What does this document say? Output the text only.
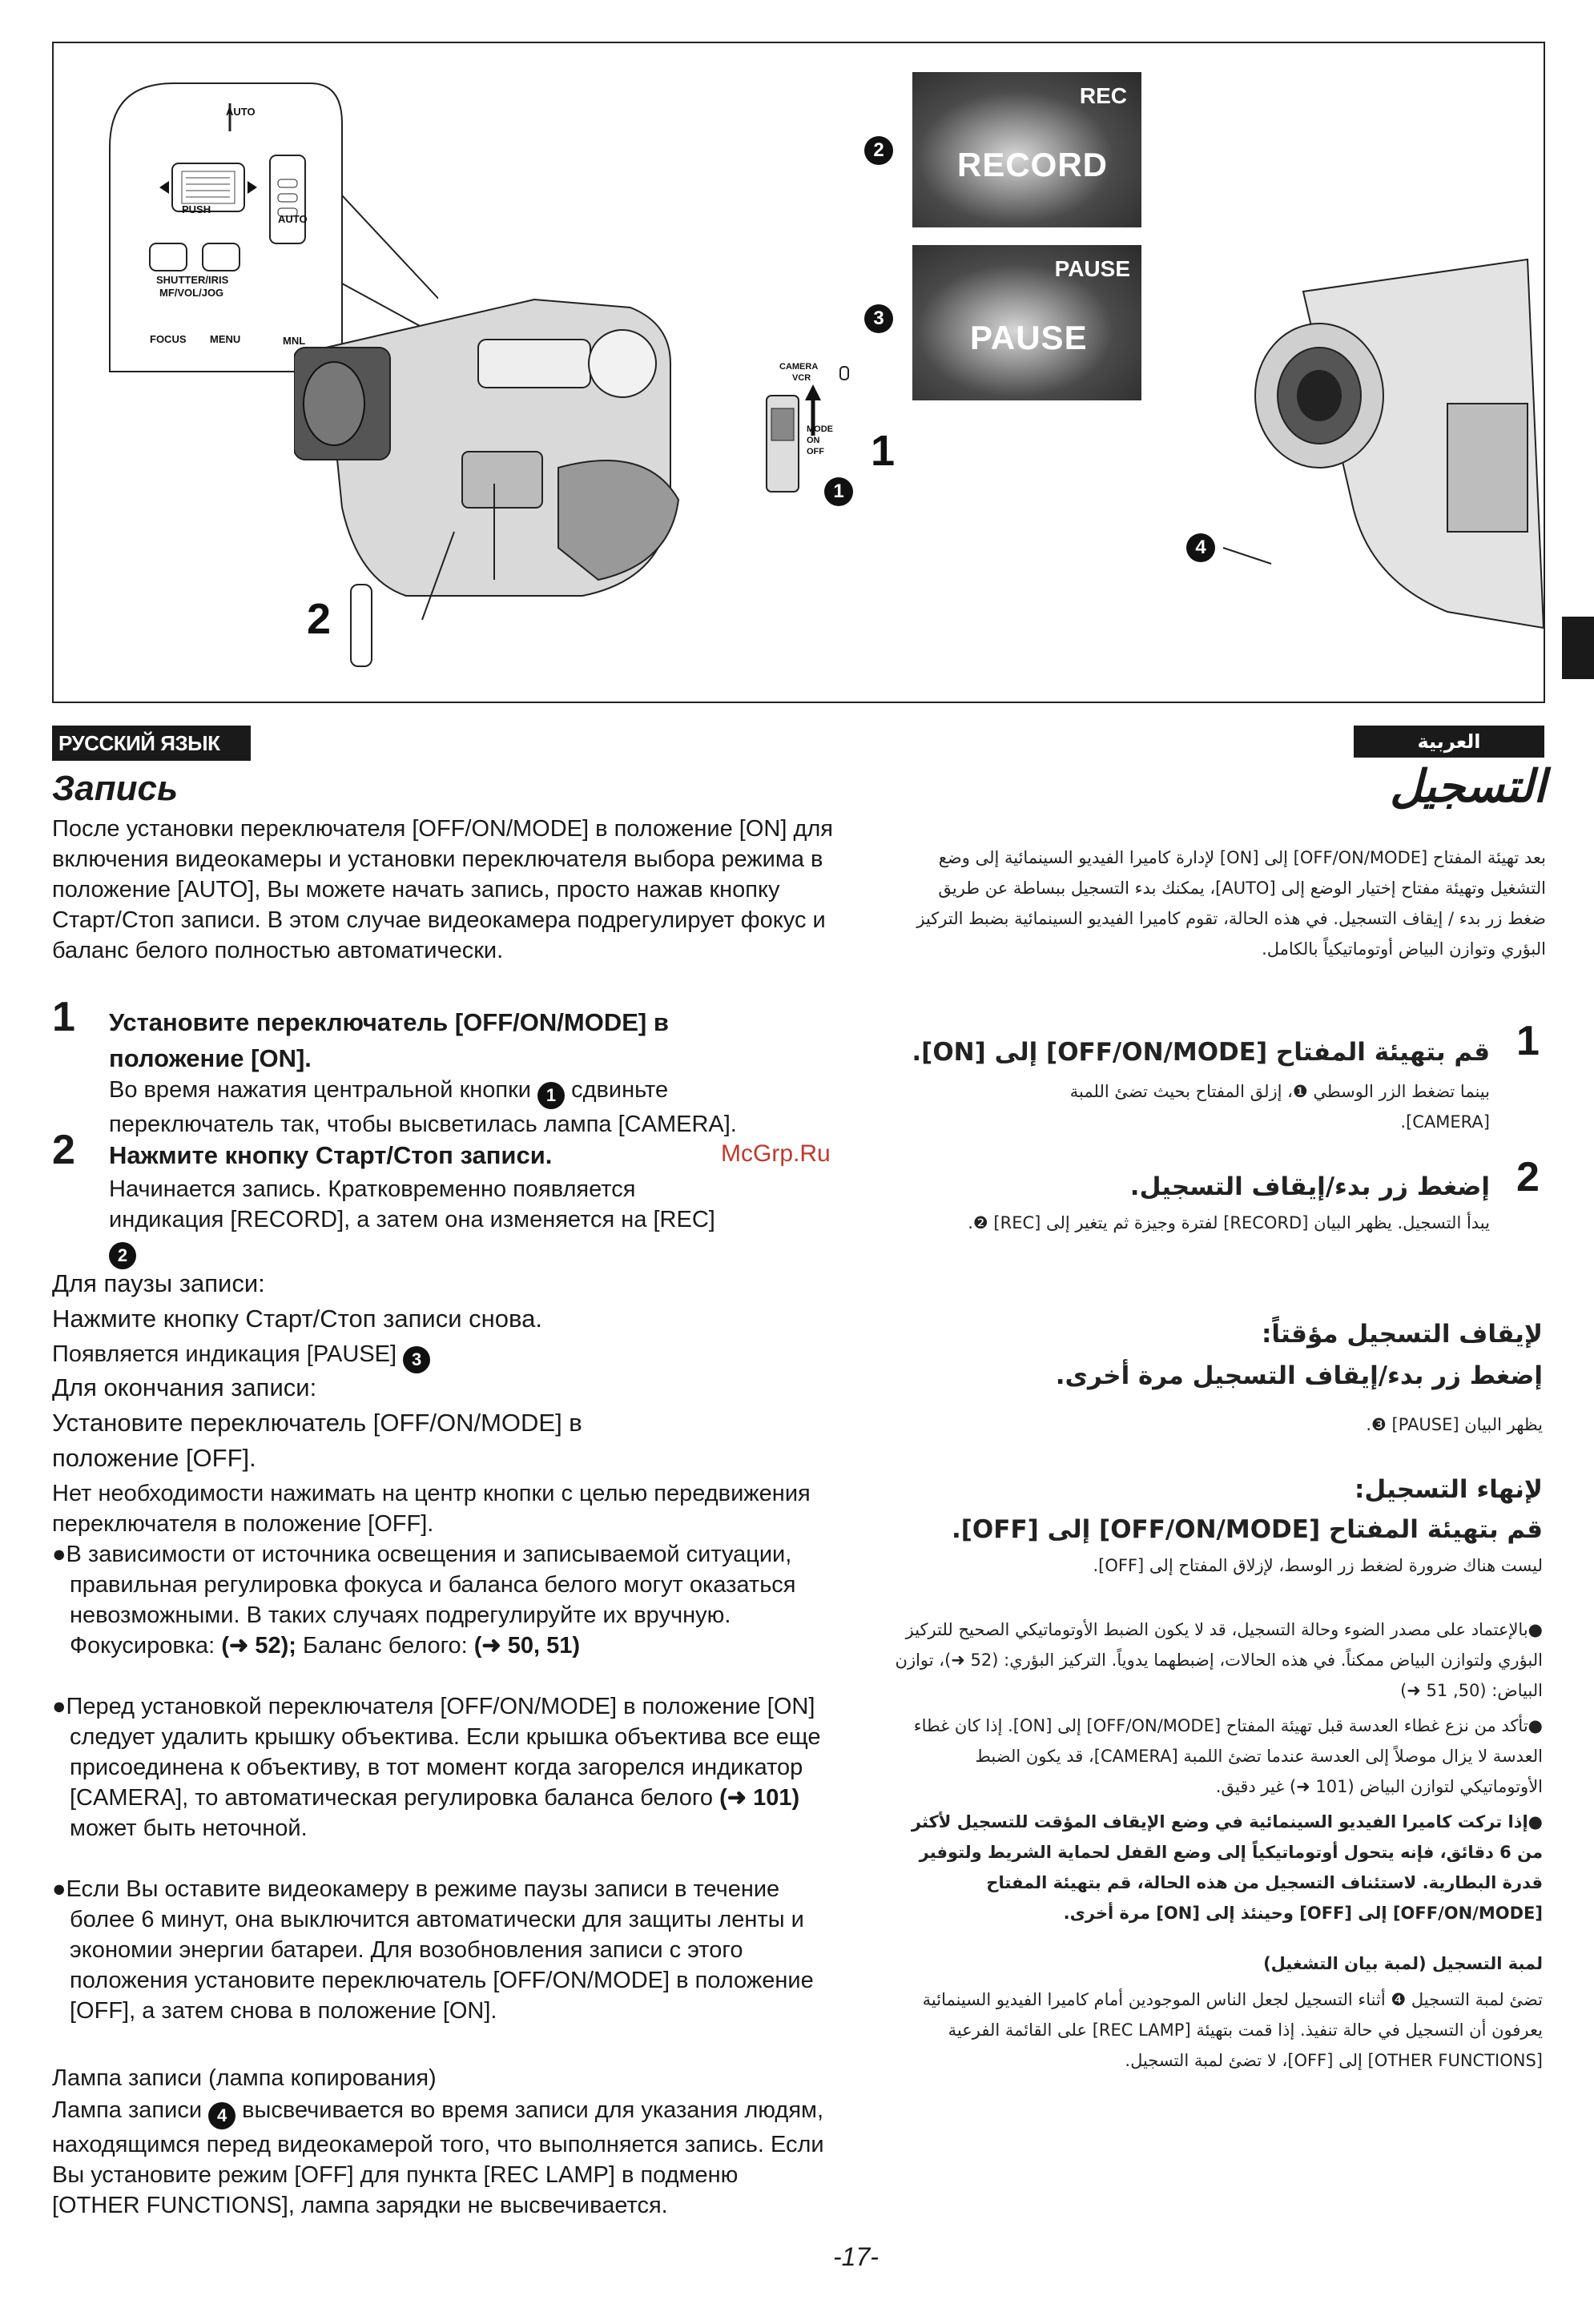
AUTO
PUSH
AUTO
SHUTTER/IRIS
MF/VOL/JOG
FOCUS MENU	MNL
2
CAMERA
VCR
MODE
ON
OFF 1
1
2
REC
RECORD
3
PAUSE
PAUSE
4
РУССКИЙ ЯЗЫК	العربية
Запись	التسجيل
После установки переключателя [OFF/ON/MODE] в положение [ON] для включения видеокамеры и установки переключателя выбора режима в положение [AUTO], Вы можете начать запись, просто нажав кнопку Старт/Стоп записи. В этом случае видеокамера подрегулирует фокус и баланс белого полностью автоматически.
1 Установите переключатель [OFF/ON/MODE] в
положение [ON].
Во время нажатия центральной кнопки 1 сдвиньте
переключатель так, чтобы высветилась лампа [CAMERA].
2 Нажмите кнопку Старт/Стоп записи.
Начинается запись. Кратковременно появляется
индикация [RECORD], а затем она изменяется на [REC]
2
Для паузы записи:
Нажмите кнопку Старт/Стоп записи снова.
Появляется индикация [PAUSE] 3
Для окончания записи:
Установите переключатель [OFF/ON/MODE] в
положение [OFF].
Нет необходимости нажимать на центр кнопки с целью передвижения переключателя в положение [OFF].
●В зависимости от источника освещения и записываемой ситуации, правильная регулировка фокуса и баланса белого могут оказаться невозможными. В таких случаях подрегулируйте их вручную.
Фокусировка: (➜ 52); Баланс белого: (➜ 50, 51)
●Перед установкой переключателя [OFF/ON/MODE] в положение [ON] следует удалить крышку объектива. Если крышка объектива все еще присоединена к объективу, в тот момент когда загорелся индикатор [CAMERA], то автоматическая регулировка баланса белого (➜ 101) может быть неточной.
●Если Вы оставите видеокамеру в режиме паузы записи в течение более 6 минут, она выключится автоматически для защиты ленты и экономии энергии батареи. Для возобновления записи с этого положения установите переключатель [OFF/ON/MODE] в положение [OFF], а затем снова в положение [ON].
Лампа записи (лампа копирования)
Лампа записи 4 высвечивается во время записи для указания людям, находящимся перед видеокамерой того, что выполняется запись. Если Вы установите режим [OFF] для пункта [REC LAMP] в подменю [OTHER FUNCTIONS], лампа зарядки не высвечивается.
بعد تهيئة المفتاح [OFF/ON/MODE] إلى [ON] لإدارة كاميرا الفيديو السينمائية إلى وضع التشغيل وتهيئة مفتاح إختيار الوضع إلى [AUTO]، يمكنك بدء التسجيل ببساطة عن طريق ضغط زر بدء / إيقاف التسجيل. في هذه الحالة، تقوم كاميرا الفيديو السينمائية بضبط التركيز البؤري وتوازن البياض أوتوماتيكياً بالكامل.
1
قم بتهيئة المفتاح [OFF/ON/MODE] إلى [ON].
بينما تضغط الزر الوسطي ❶، إزلق المفتاح بحيث تضئ اللمبة [CAMERA].
2
إضغط زر بدء/إيقاف التسجيل.
يبدأ التسجيل. يظهر البيان [RECORD] لفترة وجيزة ثم يتغير إلى [REC] ❷.
لإيقاف التسجيل مؤقتاً:
إضغط زر بدء/إيقاف التسجيل مرة أخرى.
يظهر البيان [PAUSE] ❸.
لإنهاء التسجيل:
قم بتهيئة المفتاح [OFF/ON/MODE] إلى [OFF].
ليست هناك ضرورة لضغط زر الوسط، لإزلاق المفتاح إلى [OFF].
●بالإعتماد على مصدر الضوء وحالة التسجيل، قد لا يكون الضبط الأوتوماتيكي الصحيح للتركيز البؤري ولتوازن البياض ممكناً. في هذه الحالات، إضبطهما يدوياً. التركيز البؤري: (52 ➜)، توازن البياض: (50, 51 ➜)
●تأكد من نزع غطاء العدسة قبل تهيئة المفتاح [OFF/ON/MODE] إلى [ON]. إذا كان غطاء العدسة لا يزال موصلاً إلى العدسة عندما تضئ اللمبة [CAMERA]، قد يكون الضبط الأوتوماتيكي لتوازن البياض (101 ➜) غير دقيق.
●إذا تركت كاميرا الفيديو السينمائية في وضع الإيقاف المؤقت للتسجيل لأكثر من 6 دقائق، فإنه يتحول أوتوماتيكياً إلى وضع القفل لحماية الشريط ولتوفير قدرة البطارية. لاستئناف التسجيل من هذه الحالة، قم بتهيئة المفتاح [OFF/ON/MODE] إلى [OFF] وحينئذ إلى [ON] مرة أخرى.
لمبة التسجيل (لمبة بيان التشغيل)
تضئ لمبة التسجيل ❹ أثناء التسجيل لجعل الناس الموجودين أمام كاميرا الفيديو السينمائية يعرفون أن التسجيل في حالة تنفيذ. إذا قمت بتهيئة [REC LAMP] على القائمة الفرعية [OTHER FUNCTIONS] إلى [OFF]، لا تضئ لمبة التسجيل.
McGrp.Ru
-17-
